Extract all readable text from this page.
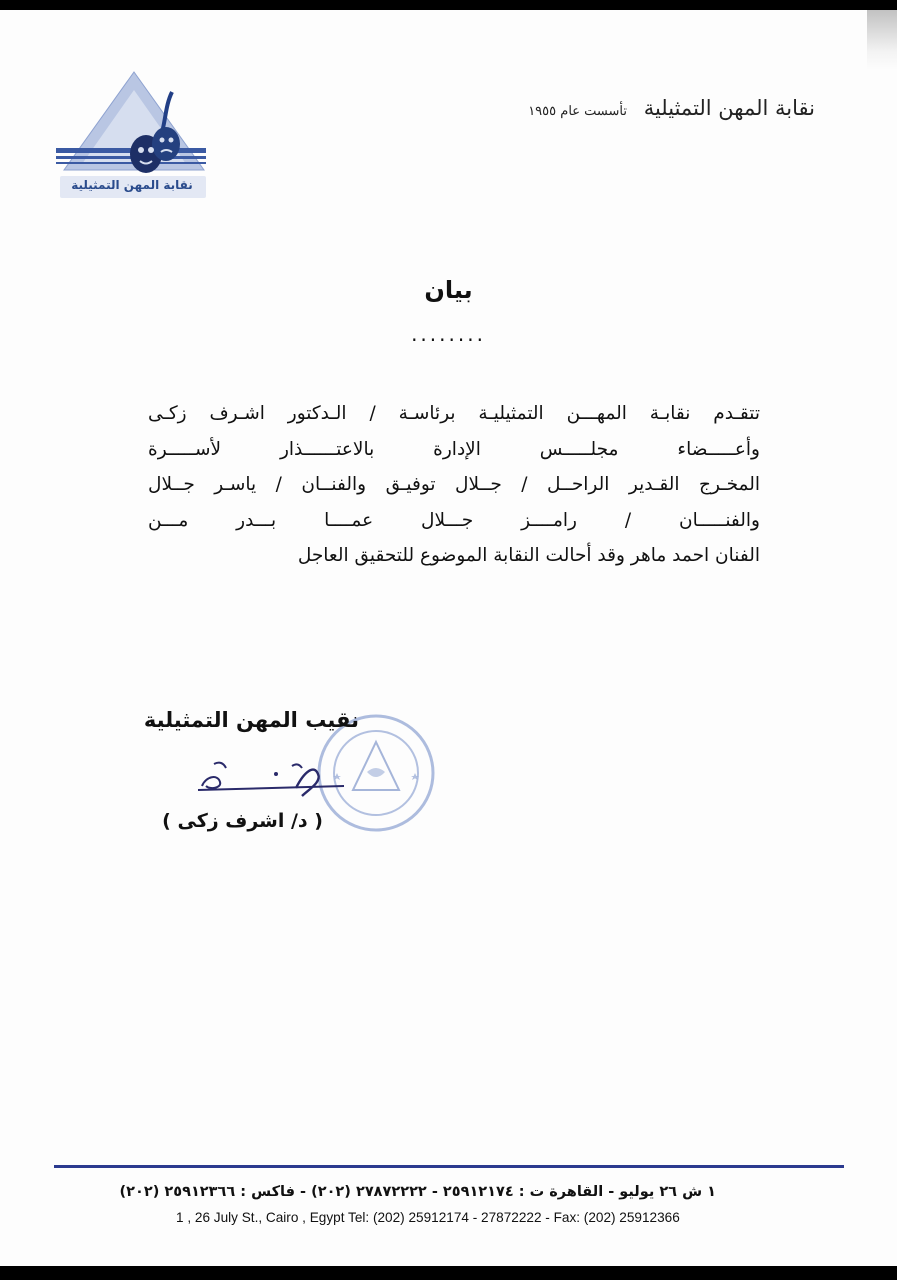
نقابة المهن التمثيلية تأسست عام ١٩٥٥
نقابة المهن التمثيلية
بيان
........
تتقـدم نقابـة المهـــن التمثيليـة برئاسـة / الـدكتور اشـرف زكـى
وأعـــــضاء مجلـــــس الإدارة بالاعتــــــذار لأســـــرة
المخـرج القـدير الراحــل / جــلال توفيـق والفنــان / ياسـر جــلال
والفنـــــان / رامــــز جـــلال عمــــا بـــدر مـــن
الفنان احمد ماهر وقد أحالت النقابة الموضوع للتحقيق العاجل
نقيب المهن التمثيلية
( د/ اشرف زكى )
١ ش ٢٦ يوليو - القاهرة ت : ٢٥٩١٢١٧٤ - ٢٧٨٧٢٢٢٢ (٢٠٢) - فاكس : ٢٥٩١٢٣٦٦ (٢٠٢)
1 , 26 July St., Cairo , Egypt Tel: (202) 25912174 - 27872222 - Fax: (202) 25912366
